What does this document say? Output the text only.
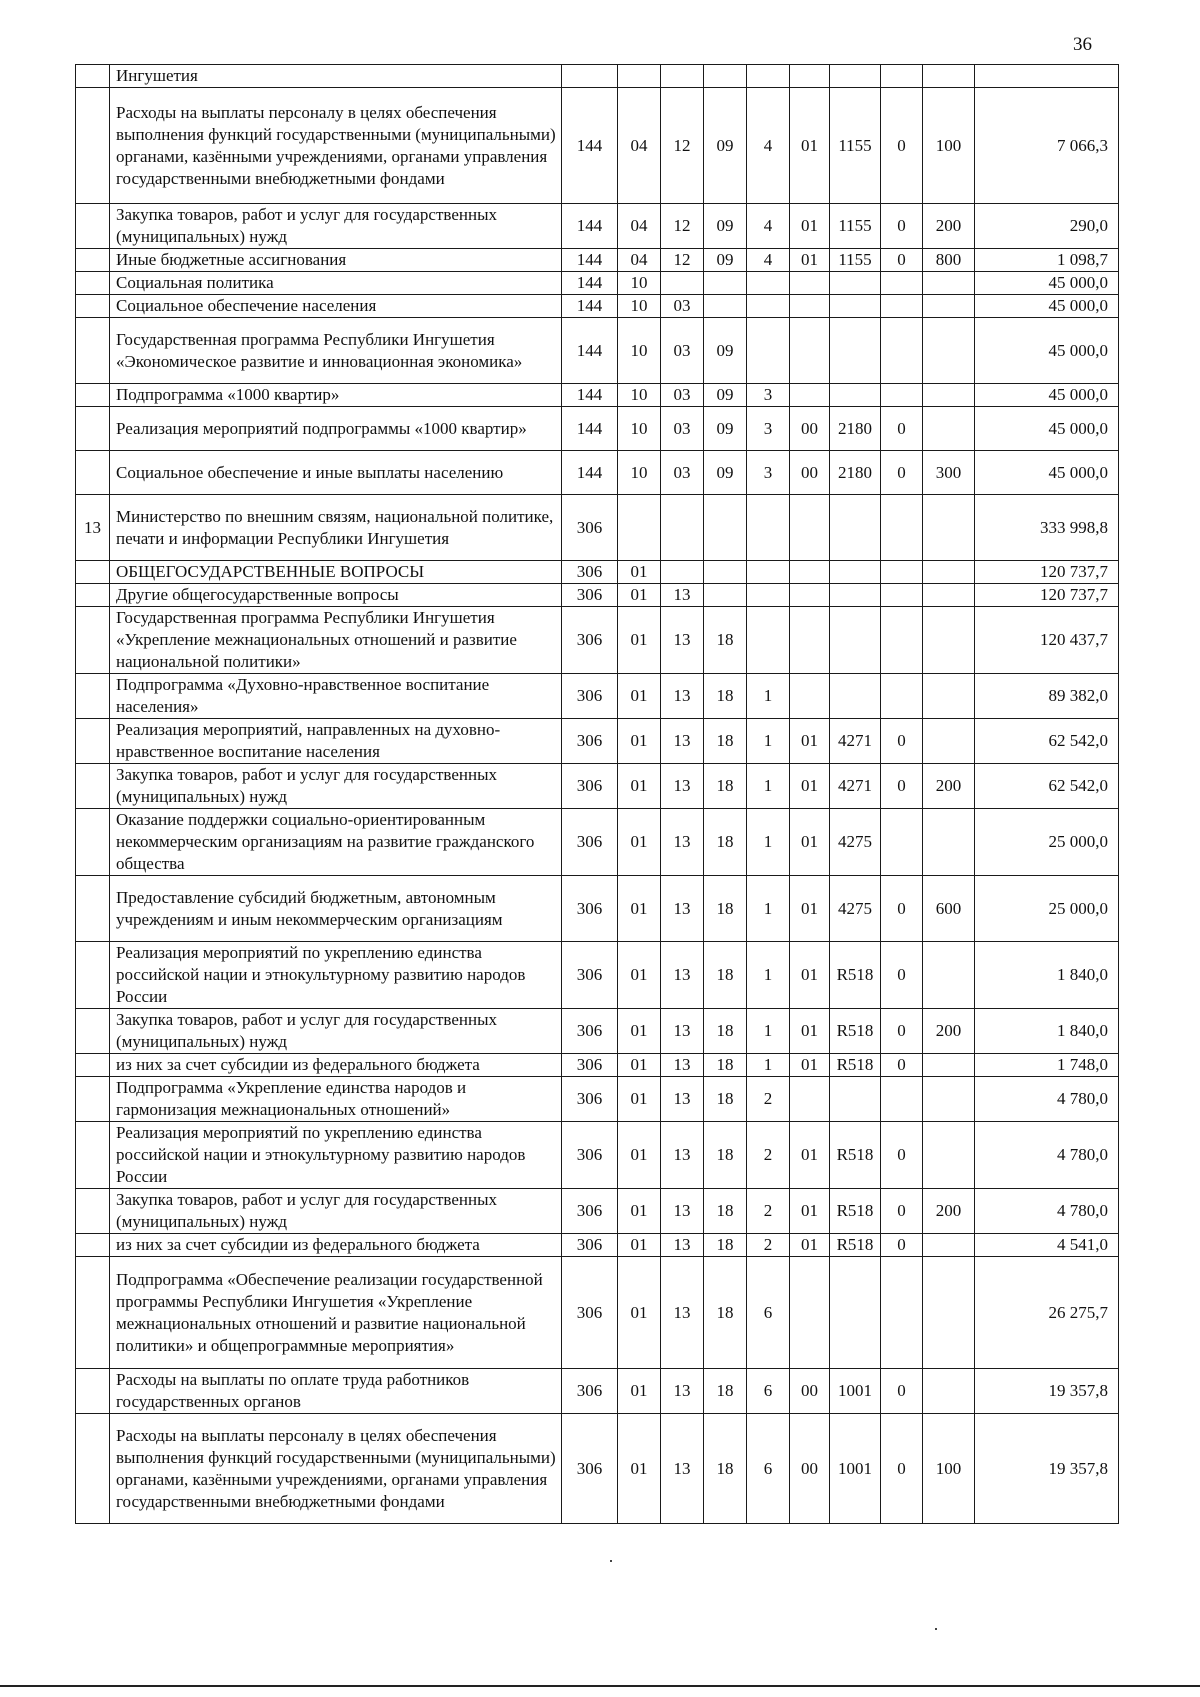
36
	Ингушетия										
	Расходы на выплаты персоналу в целях обеспечения выполнения функций государственными (муниципальными) органами, казёнными учреждениями, органами управления государственными внебюджетными фондами	144	04	12	09	4	01	1155	0	100	7 066,3
	Закупка товаров, работ и услуг для государственных (муниципальных) нужд	144	04	12	09	4	01	1155	0	200	290,0
	Иные бюджетные ассигнования	144	04	12	09	4	01	1155	0	800	1 098,7
	Социальная политика	144	10								45 000,0
	Социальное обеспечение населения	144	10	03							45 000,0
	Государственная программа Республики Ингушетия «Экономическое развитие и инновационная экономика»	144	10	03	09						45 000,0
	Подпрограмма «1000 квартир»	144	10	03	09	3					45 000,0
	Реализация мероприятий подпрограммы «1000 квартир»	144	10	03	09	3	00	2180	0		45 000,0
	Социальное обеспечение и иные выплаты населению	144	10	03	09	3	00	2180	0	300	45 000,0
13	Министерство по внешним связям, национальной политике, печати и информации Республики Ингушетия	306									333 998,8
	ОБЩЕГОСУДАРСТВЕННЫЕ ВОПРОСЫ	306	01								120 737,7
	Другие общегосударственные вопросы	306	01	13							120 737,7
	Государственная программа Республики Ингушетия «Укрепление межнациональных отношений и развитие национальной политики»	306	01	13	18						120 437,7
	Подпрограмма «Духовно-нравственное воспитание населения»	306	01	13	18	1					89 382,0
	Реализация мероприятий, направленных на духовно-нравственное воспитание населения	306	01	13	18	1	01	4271	0		62 542,0
	Закупка товаров, работ и услуг для государственных (муниципальных) нужд	306	01	13	18	1	01	4271	0	200	62 542,0
	Оказание поддержки социально-ориентированным некоммерческим организациям на развитие гражданского общества	306	01	13	18	1	01	4275			25 000,0
	Предоставление субсидий бюджетным, автономным учреждениям и иным некоммерческим организациям	306	01	13	18	1	01	4275	0	600	25 000,0
	Реализация мероприятий по укреплению единства российской нации и этнокультурному развитию народов России	306	01	13	18	1	01	R518	0		1 840,0
	Закупка товаров, работ и услуг для государственных (муниципальных) нужд	306	01	13	18	1	01	R518	0	200	1 840,0
	из них за счет субсидии из федерального бюджета	306	01	13	18	1	01	R518	0		1 748,0
	Подпрограмма «Укрепление единства народов и гармонизация межнациональных отношений»	306	01	13	18	2					4 780,0
	Реализация мероприятий по укреплению единства российской нации и этнокультурному развитию народов России	306	01	13	18	2	01	R518	0		4 780,0
	Закупка товаров, работ и услуг для государственных (муниципальных) нужд	306	01	13	18	2	01	R518	0	200	4 780,0
	из них за счет субсидии из федерального бюджета	306	01	13	18	2	01	R518	0		4 541,0
	Подпрограмма «Обеспечение реализации государственной программы Республики Ингушетия «Укрепление межнациональных отношений и развитие национальной политики» и общепрограммные мероприятия»	306	01	13	18	6					26 275,7
	Расходы на выплаты по оплате труда работников государственных органов	306	01	13	18	6	00	1001	0		19 357,8
	Расходы на выплаты персоналу в целях обеспечения выполнения функций государственными (муниципальными) органами, казёнными учреждениями, органами управления государственными внебюджетными фондами	306	01	13	18	6	00	1001	0	100	19 357,8
